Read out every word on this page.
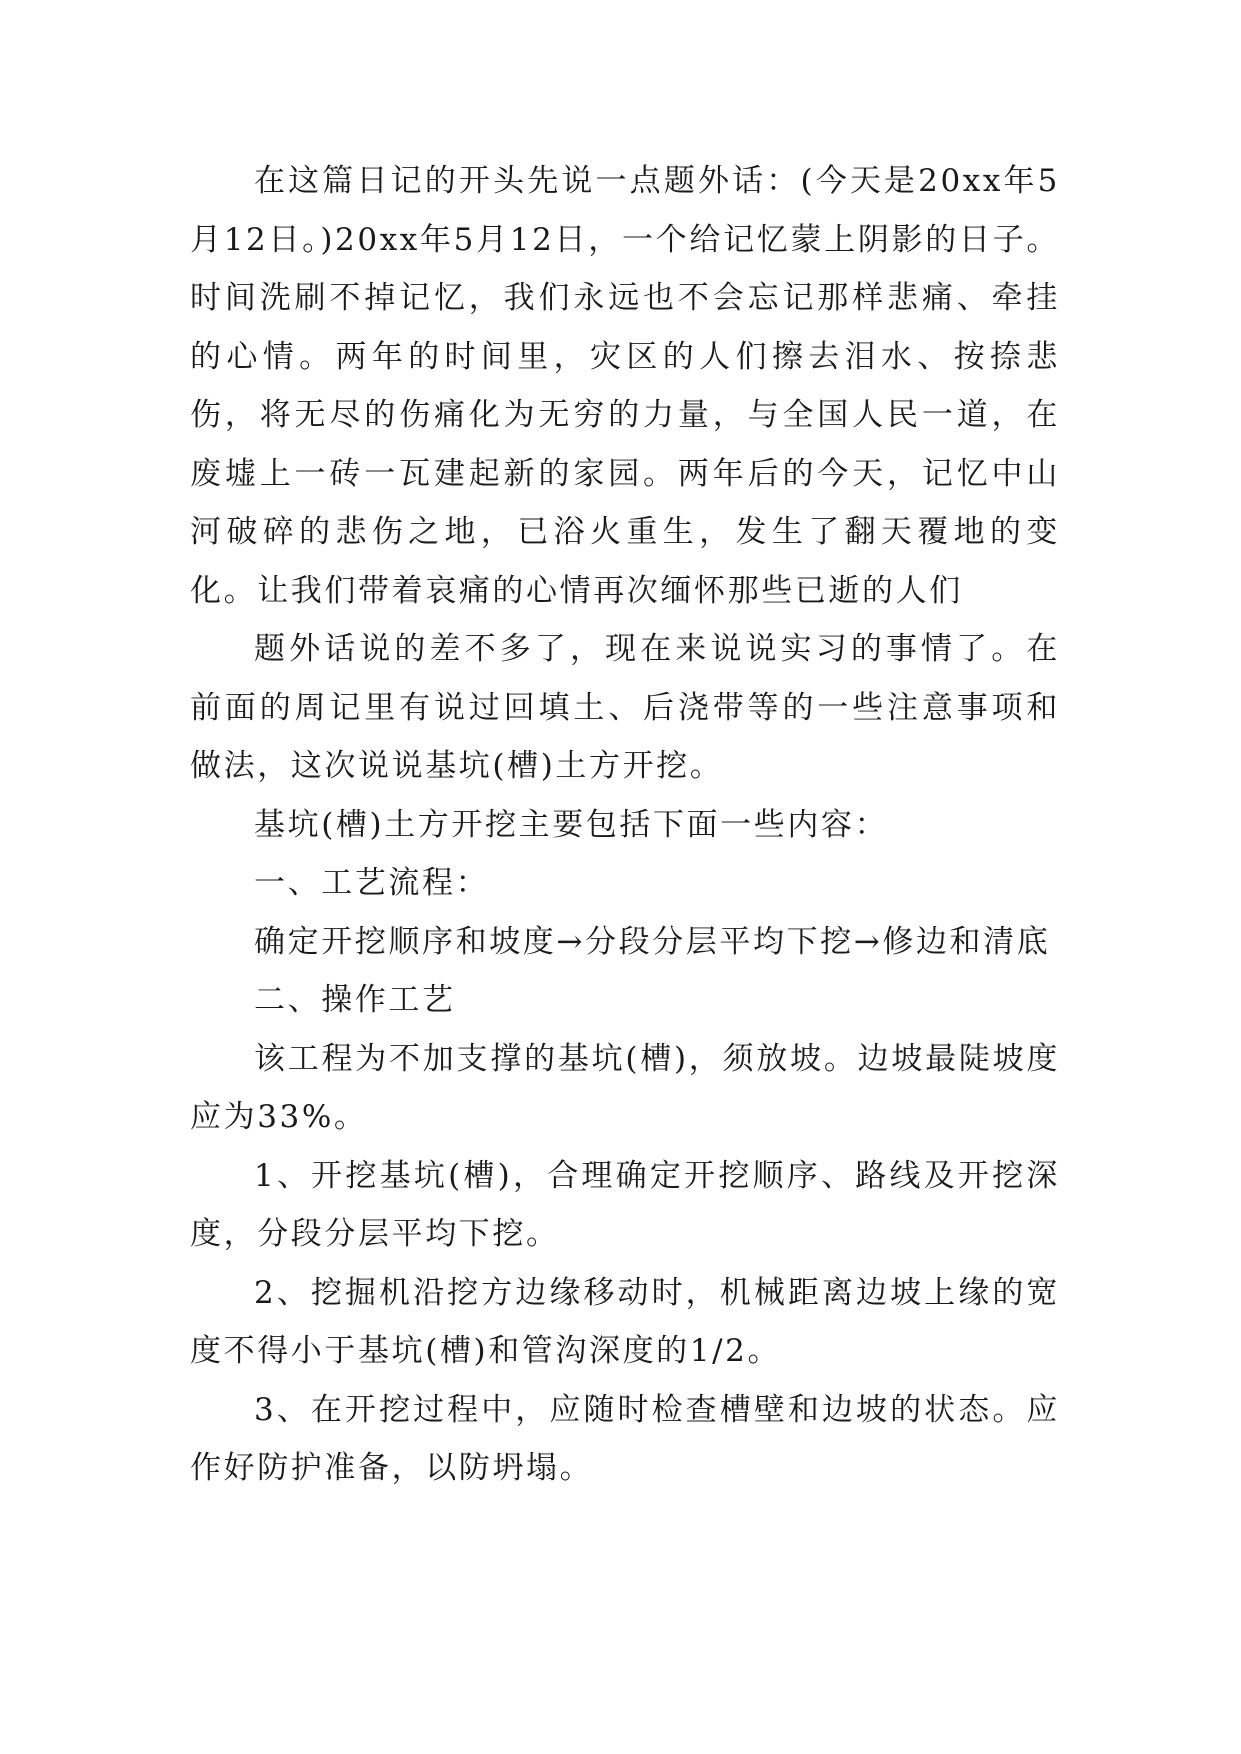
在这篇日记的开头先说一点题外话：(今天是20xx年5月12日。)20xx年5月12日，一个给记忆蒙上阴影的日子。时间洗刷不掉记忆，我们永远也不会忘记那样悲痛、牵挂的心情。两年的时间里，灾区的人们擦去泪水、按捺悲伤，将无尽的伤痛化为无穷的力量，与全国人民一道，在废墟上一砖一瓦建起新的家园。两年后的今天，记忆中山河破碎的悲伤之地，已浴火重生，发生了翻天覆地的变化。让我们带着哀痛的心情再次缅怀那些已逝的人们

题外话说的差不多了，现在来说说实习的事情了。在前面的周记里有说过回填土、后浇带等的一些注意事项和做法，这次说说基坑(槽)土方开挖。

基坑(槽)土方开挖主要包括下面一些内容：

一、工艺流程：

确定开挖顺序和坡度→分段分层平均下挖→修边和清底

二、操作工艺

该工程为不加支撑的基坑(槽)，须放坡。边坡最陡坡度应为33%。

1、开挖基坑(槽)，合理确定开挖顺序、路线及开挖深度，分段分层平均下挖。

2、挖掘机沿挖方边缘移动时，机械距离边坡上缘的宽度不得小于基坑(槽)和管沟深度的1/2。

3、在开挖过程中，应随时检查槽壁和边坡的状态。应作好防护准备，以防坍塌。
